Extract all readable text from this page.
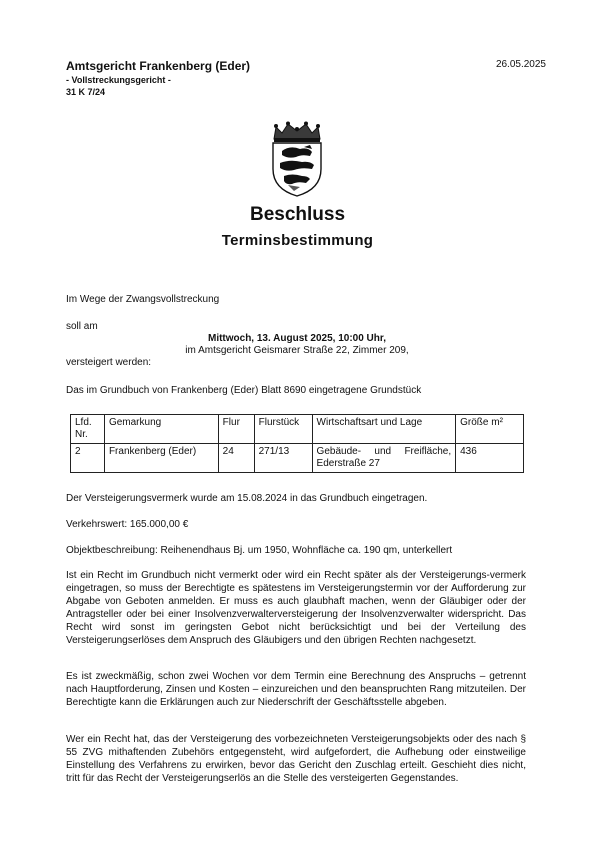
Amtsgericht Frankenberg (Eder)
- Vollstreckungsgericht -
31 K 7/24
26.05.2025
Beschluss
Terminsbestimmung
Im Wege der Zwangsvollstreckung
soll am
Mittwoch, 13. August 2025, 10:00 Uhr,
im Amtsgericht Geismarer Straße 22, Zimmer 209,
versteigert werden:
Das im Grundbuch von Frankenberg (Eder) Blatt 8690 eingetragene Grundstück
Lfd. Nr.	Gemarkung	Flur	Flurstück	Wirtschaftsart und Lage	Größe m²
2	Frankenberg (Eder)	24	271/13	Gebäude- und Freifläche, Ederstraße 27	436
Der Versteigerungsvermerk wurde am 15.08.2024 in das Grundbuch eingetragen.
Verkehrswert: 165.000,00 €
Objektbeschreibung: Reihenendhaus Bj. um 1950, Wohnfläche ca. 190 qm, unterkellert
Ist ein Recht im Grundbuch nicht vermerkt oder wird ein Recht später als der Versteigerungs-vermerk eingetragen, so muss der Berechtigte es spätestens im Versteigerungstermin vor der Aufforderung zur Abgabe von Geboten anmelden. Er muss es auch glaubhaft machen, wenn der Gläubiger oder der Antragsteller oder bei einer Insolvenzverwalterversteigerung der Insolvenzverwalter widerspricht. Das Recht wird sonst im geringsten Gebot nicht berücksichtigt und bei der Verteilung des Versteigerungserlöses dem Anspruch des Gläubigers und den übrigen Rechten nachgesetzt.
Es ist zweckmäßig, schon zwei Wochen vor dem Termin eine Berechnung des Anspruchs – getrennt nach Hauptforderung, Zinsen und Kosten – einzureichen und den beanspruchten Rang mitzuteilen. Der Berechtigte kann die Erklärungen auch zur Niederschrift der Geschäftsstelle abgeben.
Wer ein Recht hat, das der Versteigerung des vorbezeichneten Versteigerungsobjekts oder des nach § 55 ZVG mithaftenden Zubehörs entgegensteht, wird aufgefordert, die Aufhebung oder einstweilige Einstellung des Verfahrens zu erwirken, bevor das Gericht den Zuschlag erteilt. Geschieht dies nicht, tritt für das Recht der Versteigerungserlös an die Stelle des versteigerten Gegenstandes.
